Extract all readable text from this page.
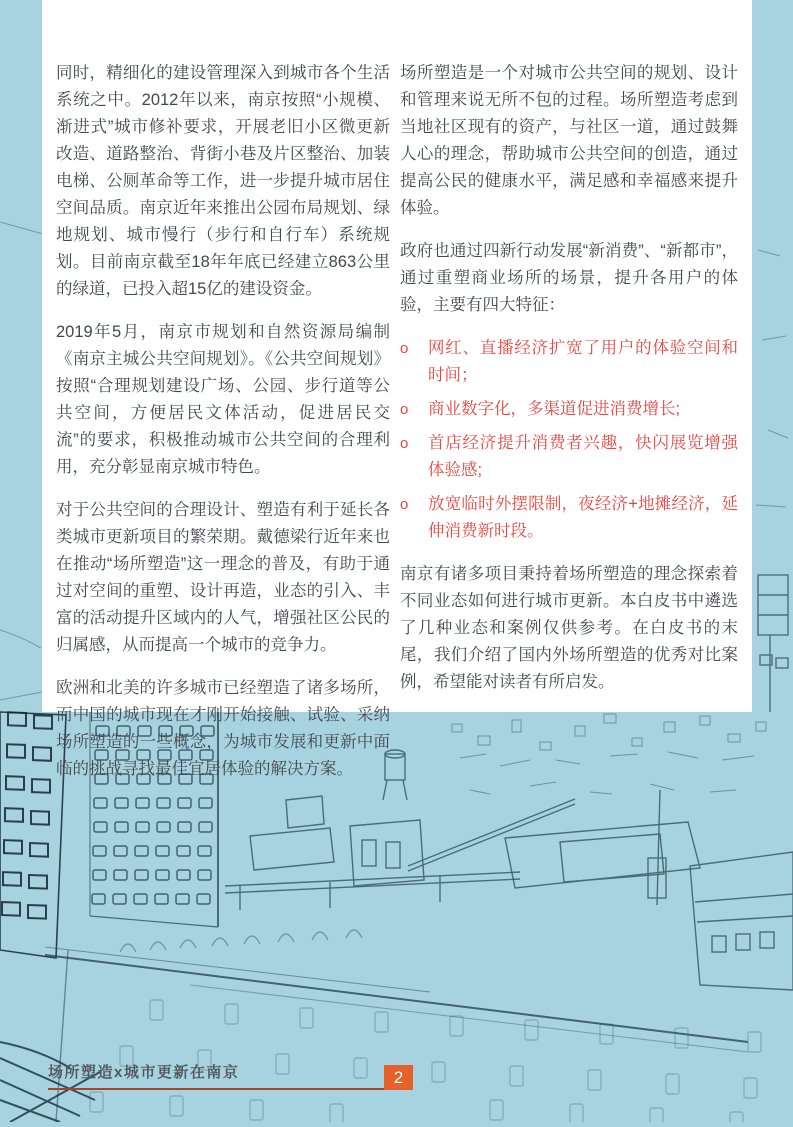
同时，精细化的建设管理深入到城市各个生活系统之中。2012年以来，南京按照“小规模、渐进式”城市修补要求，开展老旧小区微更新改造、道路整治、背街小巷及片区整治、加装电梯、公厕革命等工作，进一步提升城市居住空间品质。南京近年来推出公园布局规划、绿地规划、城市慢行（步行和自行车）系统规划。目前南京截至18年年底已经建立863公里的绿道，已投入超15亿的建设资金。

2019年5月，南京市规划和自然资源局编制《南京主城公共空间规划》。《公共空间规划》按照“合理规划建设广场、公园、步行道等公共空间，方便居民文体活动，促进居民交流”的要求，积极推动城市公共空间的合理利用，充分彰显南京城市特色。

对于公共空间的合理设计、塑造有利于延长各类城市更新项目的繁荣期。戴德梁行近年来也在推动“场所塑造”这一理念的普及，有助于通过对空间的重塑、设计再造，业态的引入、丰富的活动提升区域内的人气，增强社区公民的归属感，从而提高一个城市的竞争力。

欧洲和北美的许多城市已经塑造了诸多场所，而中国的城市现在才刚开始接触、试验、采纳场所塑造的一些概念，为城市发展和更新中面临的挑战寻找最佳宜居体验的解决方案。

场所塑造是一个对城市公共空间的规划、设计和管理来说无所不包的过程。场所塑造考虑到当地社区现有的资产，与社区一道，通过鼓舞人心的理念，帮助城市公共空间的创造，通过提高公民的健康水平，满足感和幸福感来提升体验。

政府也通过四新行动发展“新消费”、“新都市”，通过重塑商业场所的场景，提升各用户的体验，主要有四大特征：

o	网红、直播经济扩宽了用户的体验空间和时间；
o	商业数字化，多渠道促进消费增长;
o	首店经济提升消费者兴趣，快闪展览增强体验感;
o	放宽临时外摆限制，夜经济+地摊经济，延伸消费新时段。

南京有诸多项目秉持着场所塑造的理念探索着不同业态如何进行城市更新。本白皮书中遴选了几种业态和案例仅供参考。在白皮书的末尾，我们介绍了国内外场所塑造的优秀对比案例，希望能对读者有所启发。

场所塑造x城市更新在南京	2
